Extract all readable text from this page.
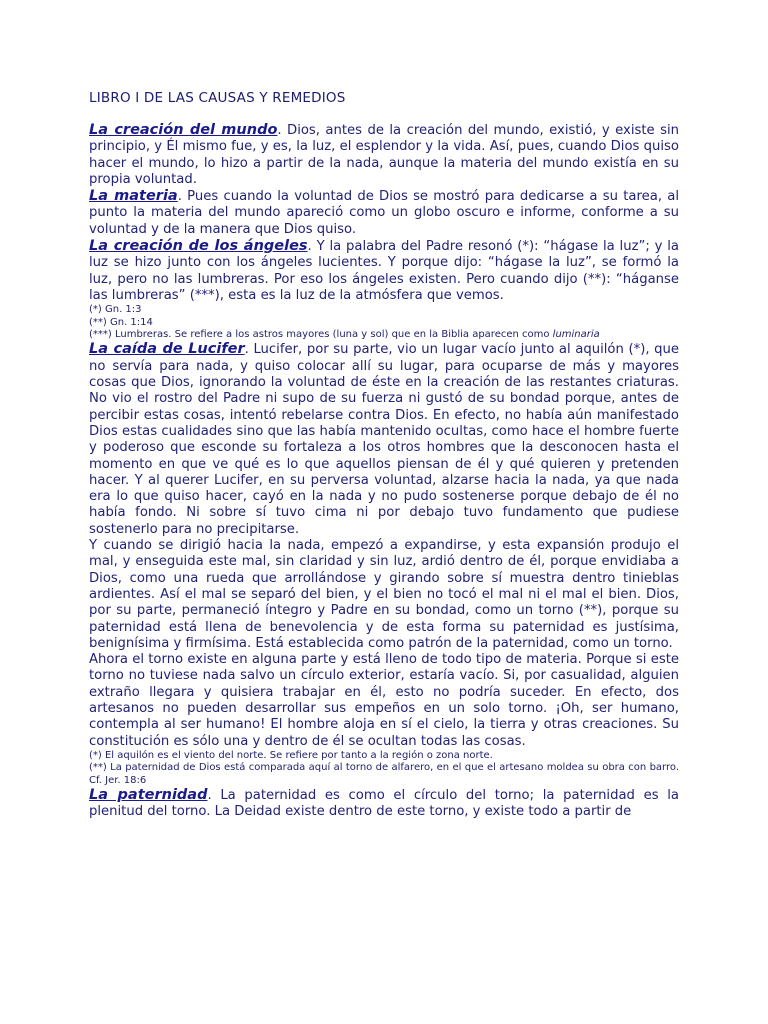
LIBRO I DE LAS CAUSAS Y REMEDIOS

La creación del mundo. Dios, antes de la creación del mundo, existió, y existe sin principio, y Él mismo fue, y es, la luz, el esplendor y la vida. Así, pues, cuando Dios quiso hacer el mundo, lo hizo a partir de la nada, aunque la materia del mundo existía en su propia voluntad.

La materia. Pues cuando la voluntad de Dios se mostró para dedicarse a su tarea, al punto la materia del mundo apareció como un globo oscuro e informe, conforme a su voluntad y de la manera que Dios quiso.

La creación de los ángeles. Y la palabra del Padre resonó (*): “hágase la luz”; y la luz se hizo junto con los ángeles lucientes. Y porque dijo: “hágase la luz”, se formó la luz, pero no las lumbreras. Por eso los ángeles existen. Pero cuando dijo (**): “háganse las lumbreras” (***), esta es la luz de la atmósfera que vemos.

(*) Gn. 1:3

(**) Gn. 1:14

(***) Lumbreras. Se refiere a los astros mayores (luna y sol) que en la Biblia aparecen como luminaria

La caída de Lucifer. Lucifer, por su parte, vio un lugar vacío junto al aquilón (*), que no servía para nada, y quiso colocar allí su lugar, para ocuparse de más y mayores cosas que Dios, ignorando la voluntad de éste en la creación de las restantes criaturas. No vio el rostro del Padre ni supo de su fuerza ni gustó de su bondad porque, antes de percibir estas cosas, intentó rebelarse contra Dios. En efecto, no había aún manifestado Dios estas cualidades sino que las había mantenido ocultas, como hace el hombre fuerte y poderoso que esconde su fortaleza a los otros hombres que la desconocen hasta el momento en que ve qué es lo que aquellos piensan de él y qué quieren y pretenden hacer. Y al querer Lucifer, en su perversa voluntad, alzarse hacia la nada, ya que nada era lo que quiso hacer, cayó en la nada y no pudo sostenerse porque debajo de él no había fondo. Ni sobre sí tuvo cima ni por debajo tuvo fundamento que pudiese sostenerlo para no precipitarse.

Y cuando se dirigió hacia la nada, empezó a expandirse, y esta expansión produjo el mal, y enseguida este mal, sin claridad y sin luz, ardió dentro de él, porque envidiaba a Dios, como una rueda que arrollándose y girando sobre sí muestra dentro tinieblas ardientes. Así el mal se separó del bien, y el bien no tocó el mal ni el mal el bien. Dios, por su parte, permaneció íntegro y Padre en su bondad, como un torno (**), porque su paternidad está llena de benevolencia y de esta forma su paternidad es justísima, benignísima y firmísima. Está establecida como patrón de la paternidad, como un torno.

Ahora el torno existe en alguna parte y está lleno de todo tipo de materia. Porque si este torno no tuviese nada salvo un círculo exterior, estaría vacío. Si, por casualidad, alguien extraño llegara y quisiera trabajar en él, esto no podría suceder. En efecto, dos artesanos no pueden desarrollar sus empeños en un solo torno. ¡Oh, ser humano, contempla al ser humano! El hombre aloja en sí el cielo, la tierra y otras creaciones. Su constitución es sólo una y dentro de él se ocultan todas las cosas.

(*) El aquilón es el viento del norte. Se refiere por tanto a la región o zona norte.

(**) La paternidad de Dios está comparada aquí al torno de alfarero, en el que el artesano moldea su obra con barro. Cf. Jer. 18:6

La paternidad. La paternidad es como el círculo del torno; la paternidad es la plenitud del torno. La Deidad existe dentro de este torno, y existe todo a partir de
